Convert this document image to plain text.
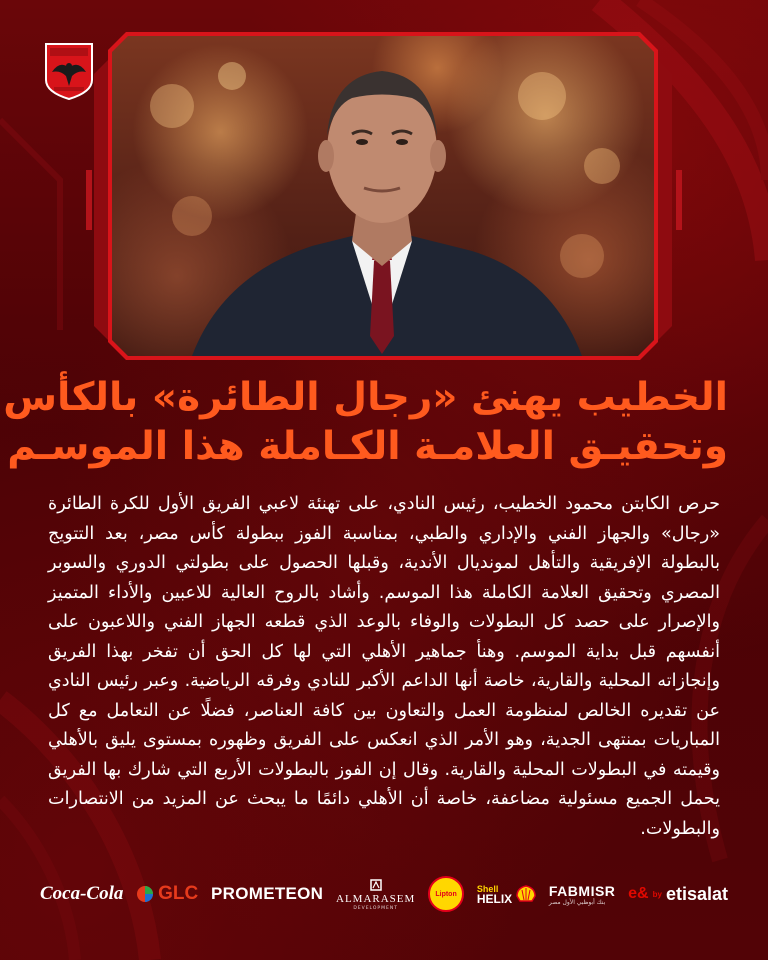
الخطيب يهنئ «رجال الطائرة» بالكأس
وتحقيـق العلامـة الكـاملة هذا الموسـم
حرص الكابتن محمود الخطيب، رئيس النادي، على تهنئة لاعبي الفريق الأول للكرة الطائرة «رجال» والجهاز الفني والإداري والطبي، بمناسبة الفوز ببطولة كأس مصر، بعد التتويج بالبطولة الإفريقية والتأهل لمونديال الأندية، وقبلها الحصول على بطولتي الدوري والسوبر المصري وتحقيق العلامة الكاملة هذا الموسم. وأشاد بالروح العالية للاعبين والأداء المتميز والإصرار على حصد كل البطولات والوفاء بالوعد الذي قطعه الجهاز الفني واللاعبون على أنفسهم قبل بداية الموسم. وهنأ جماهير الأهلي التي لها كل الحق أن تفخر بهذا الفريق وإنجازاته المحلية والقارية، خاصة أنها الداعم الأكبر للنادي وفرقه الرياضية. وعبر رئيس النادي عن تقديره الخالص لمنظومة العمل والتعاون بين كافة العناصر، فضلًا عن التعامل مع كل المباريات بمنتهى الجدية، وهو الأمر الذي انعكس على الفريق وظهوره بمستوى يليق بالأهلي وقيمته في البطولات المحلية والقارية. وقال إن الفوز بالبطولات الأربع التي شارك بها الفريق يحمل الجميع مسئولية مضاعفة، خاصة أن الأهلي دائمًا ما يبحث عن المزيد من الانتصارات والبطولات.
Coca-Cola GLC PROMETEON ALMARASEM
DEVELOPMENT
Lipton	Shell
HELIX
FABMISR
بنك أبوظبي الأول مصر e& by etisalat
